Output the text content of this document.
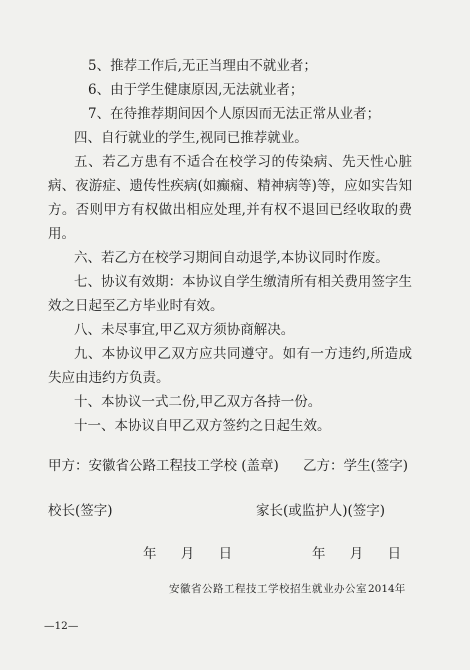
5、推荐工作后,无正当理由不就业者；
6、由于学生健康原因,无法就业者；
7、在待推荐期间因个人原因而无法正常从业者；
四、自行就业的学生,视同已推荐就业。
五、若乙方患有不适合在校学习的传染病、先天性心脏
病、夜游症、遗传性疾病(如癫痫、精神病等)等，应如实告知
方。否则甲方有权做出相应处理,并有权不退回已经收取的费
用。
六、若乙方在校学习期间自动退学,本协议同时作废。
七、协议有效期：本协议自学生缴清所有相关费用签字生
效之日起至乙方毕业时有效。
八、未尽事宜,甲乙双方须协商解决。
九、本协议甲乙双方应共同遵守。如有一方违约,所造成
失应由违约方负责。
十、本协议一式二份,甲乙双方各持一份。
十一、本协议自甲乙双方签约之日起生效。
甲方：安徽省公路工程技工学校 (盖章) 乙方：学生(签字)
校长(签字)	家长(或监护人)(签字)
年 月 日	年 月 日
安徽省公路工程技工学校招生就业办公室 2014年
—12—
